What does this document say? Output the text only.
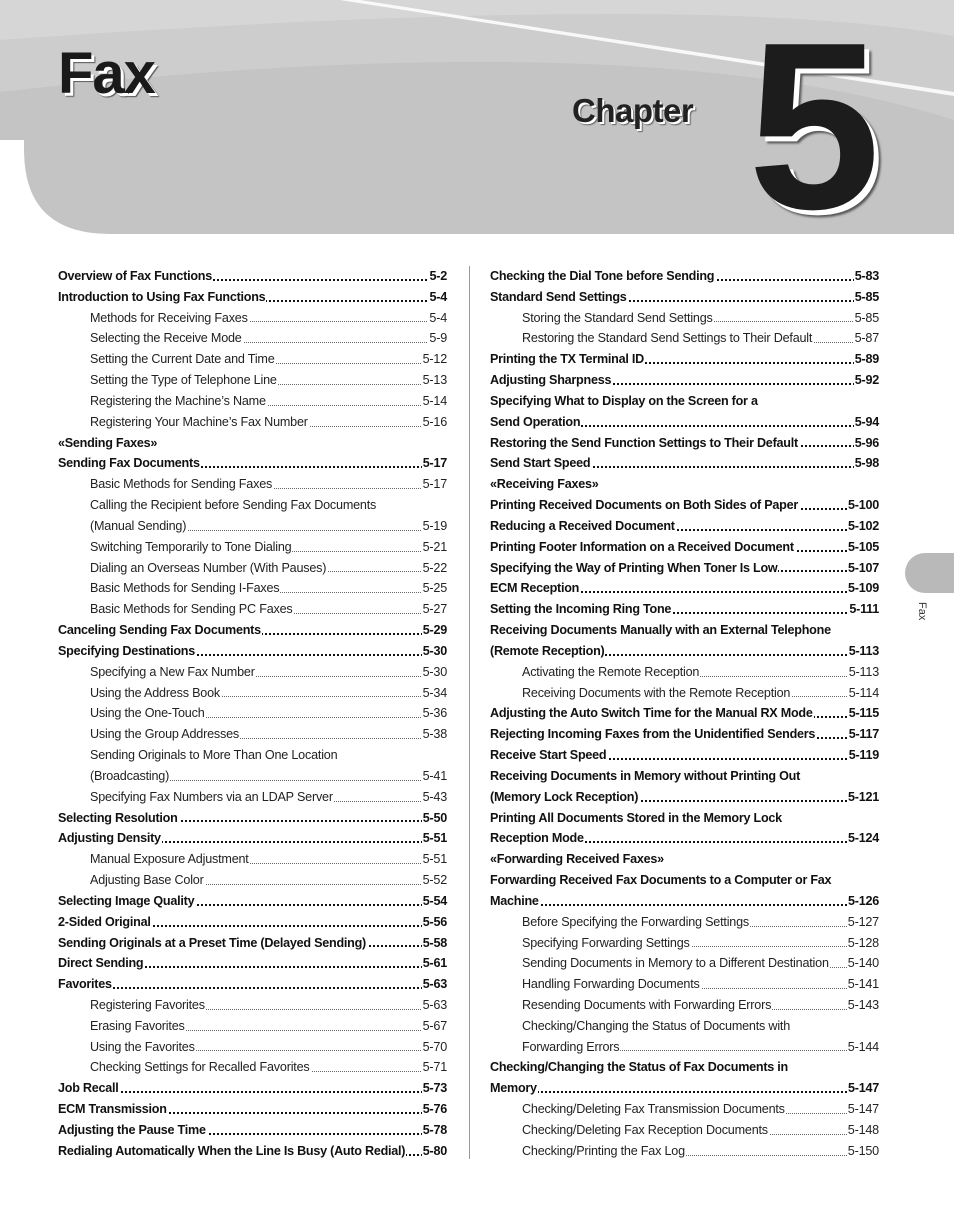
Fax
Chapter 5
Fax
Overview of Fax Functions	5-2
Introduction to Using Fax Functions	5-4
Methods for Receiving Faxes	5-4
Selecting the Receive Mode	5-9
Setting the Current Date and Time	5-12
Setting the Type of Telephone Line	5-13
Registering the Machine’s Name	5-14
Registering Your Machine’s Fax Number	5-16
«Sending Faxes»
Sending Fax Documents	5-17
Basic Methods for Sending Faxes	5-17
Calling the Recipient before Sending Fax Documents
(Manual Sending)	5-19
Switching Temporarily to Tone Dialing	5-21
Dialing an Overseas Number (With Pauses)	5-22
Basic Methods for Sending I-Faxes	5-25
Basic Methods for Sending PC Faxes	5-27
Canceling Sending Fax Documents	5-29
Specifying Destinations	5-30
Specifying a New Fax Number	5-30
Using the Address Book	5-34
Using the One-Touch	5-36
Using the Group Addresses	5-38
Sending Originals to More Than One Location
(Broadcasting)	5-41
Specifying Fax Numbers via an LDAP Server	5-43
Selecting Resolution	5-50
Adjusting Density	5-51
Manual Exposure Adjustment	5-51
Adjusting Base Color	5-52
Selecting Image Quality	5-54
2-Sided Original	5-56
Sending Originals at a Preset Time (Delayed Sending)	5-58
Direct Sending	5-61
Favorites	5-63
Registering Favorites	5-63
Erasing Favorites	5-67
Using the Favorites	5-70
Checking Settings for Recalled Favorites	5-71
Job Recall	5-73
ECM Transmission	5-76
Adjusting the Pause Time	5-78
Redialing Automatically When the Line Is Busy (Auto Redial) 5-80
Checking the Dial Tone before Sending	5-83
Standard Send Settings	5-85
Storing the Standard Send Settings	5-85
Restoring the Standard Send Settings to Their Default	5-87
Printing the TX Terminal ID	5-89
Adjusting Sharpness	5-92
Specifying What to Display on the Screen for a
Send Operation	5-94
Restoring the Send Function Settings to Their Default	5-96
Send Start Speed	5-98
«Receiving Faxes»
Printing Received Documents on Both Sides of Paper	5-100
Reducing a Received Document	5-102
Printing Footer Information on a Received Document	5-105
Specifying the Way of Printing When Toner Is Low	5-107
ECM Reception	5-109
Setting the Incoming Ring Tone	5-111
Receiving Documents Manually with an External Telephone
(Remote Reception)	5-113
Activating the Remote Reception	5-113
Receiving Documents with the Remote Reception	5-114
Adjusting the Auto Switch Time for the Manual RX Mode	5-115
Rejecting Incoming Faxes from the Unidentified Senders	5-117
Receive Start Speed	5-119
Receiving Documents in Memory without Printing Out
(Memory Lock Reception)	5-121
Printing All Documents Stored in the Memory Lock
Reception Mode	5-124
«Forwarding Received Faxes»
Forwarding Received Fax Documents to a Computer or Fax
Machine	5-126
Before Specifying the Forwarding Settings	5-127
Specifying Forwarding Settings	5-128
Sending Documents in Memory to a Different Destination 5-140
Handling Forwarding Documents	5-141
Resending Documents with Forwarding Errors	5-143
Checking/Changing the Status of Documents with
Forwarding Errors	5-144
Checking/Changing the Status of Fax Documents in
Memory	5-147
Checking/Deleting Fax Transmission Documents	5-147
Checking/Deleting Fax Reception Documents	5-148
Checking/Printing the Fax Log	5-150
